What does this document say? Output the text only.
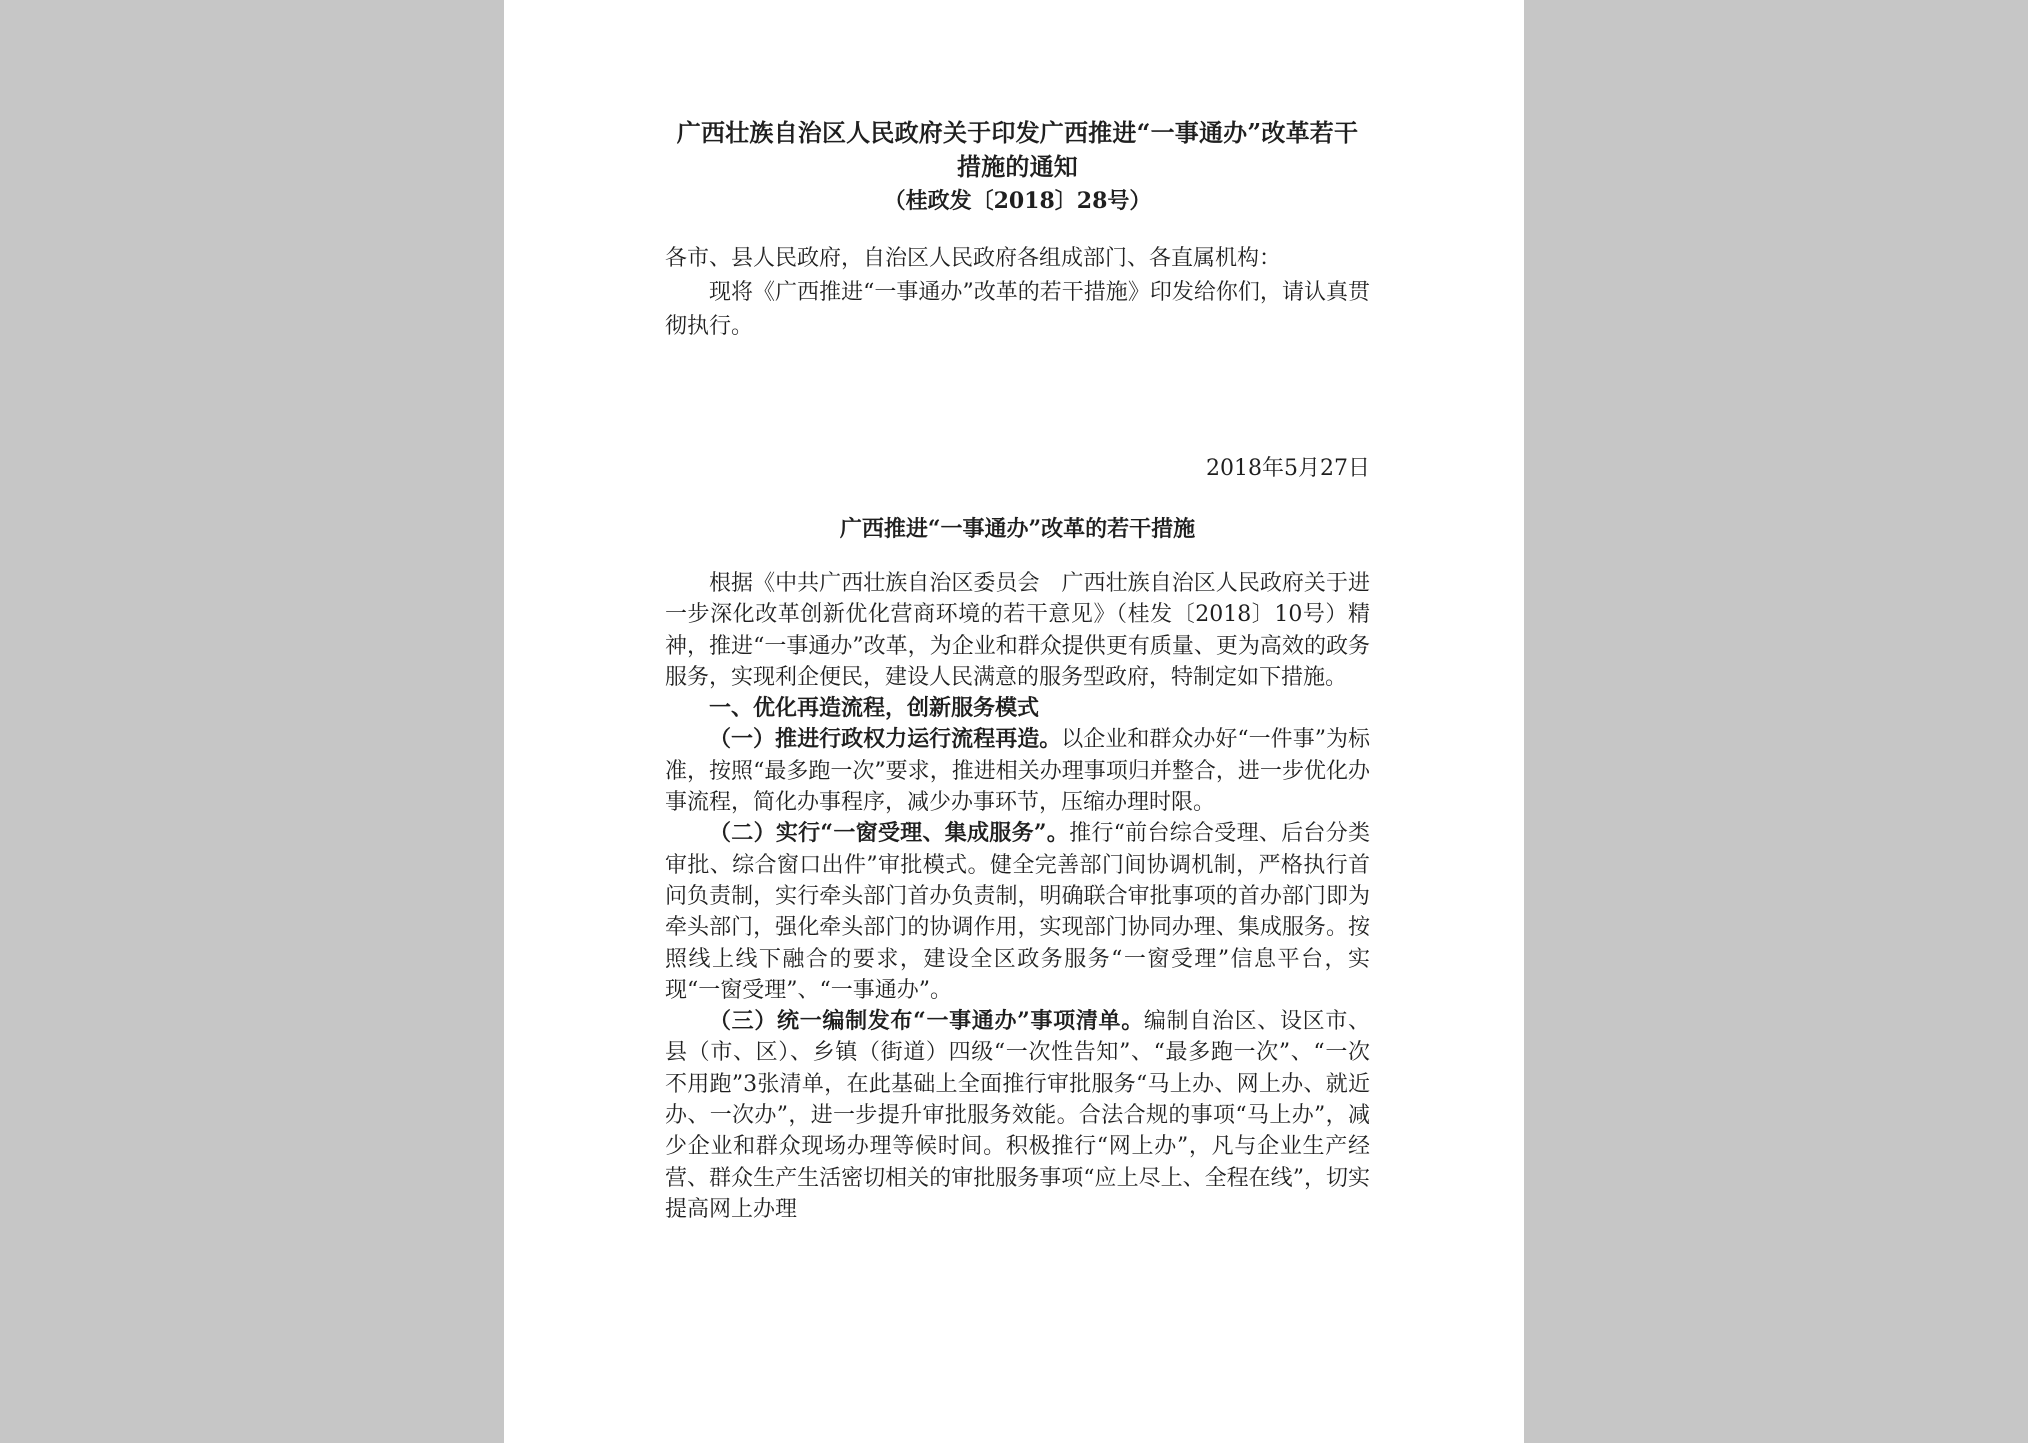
广西壮族自治区人民政府关于印发广西推进“一事通办”改革若干

措施的通知

（桂政发〔2018〕28号）

各市、县人民政府，自治区人民政府各组成部门、各直属机构：

现将《广西推进“一事通办”改革的若干措施》印发给你们，请认真贯彻执行。

2018年5月27日

广西推进“一事通办”改革的若干措施

根据《中共广西壮族自治区委员会　广西壮族自治区人民政府关于进一步深化改革创新优化营商环境的若干意见》（桂发〔2018〕10号）精神，推进“一事通办”改革，为企业和群众提供更有质量、更为高效的政务服务，实现利企便民，建设人民满意的服务型政府，特制定如下措施。

一、优化再造流程，创新服务模式

（一）推进行政权力运行流程再造。以企业和群众办好“一件事”为标准，按照“最多跑一次”要求，推进相关办理事项归并整合，进一步优化办事流程，简化办事程序，减少办事环节，压缩办理时限。

（二）实行“一窗受理、集成服务”。推行“前台综合受理、后台分类审批、综合窗口出件”审批模式。健全完善部门间协调机制，严格执行首问负责制，实行牵头部门首办负责制，明确联合审批事项的首办部门即为牵头部门，强化牵头部门的协调作用，实现部门协同办理、集成服务。按照线上线下融合的要求，建设全区政务服务“一窗受理”信息平台，实现“一窗受理”、“一事通办”。

（三）统一编制发布“一事通办”事项清单。编制自治区、设区市、县（市、区）、乡镇（街道）四级“一次性告知”、“最多跑一次”、“一次不用跑”3张清单，在此基础上全面推行审批服务“马上办、网上办、就近办、一次办”，进一步提升审批服务效能。合法合规的事项“马上办”，减少企业和群众现场办理等候时间。积极推行“网上办”，凡与企业生产经营、群众生产生活密切相关的审批服务事项“应上尽上、全程在线”，切实提高网上办理
